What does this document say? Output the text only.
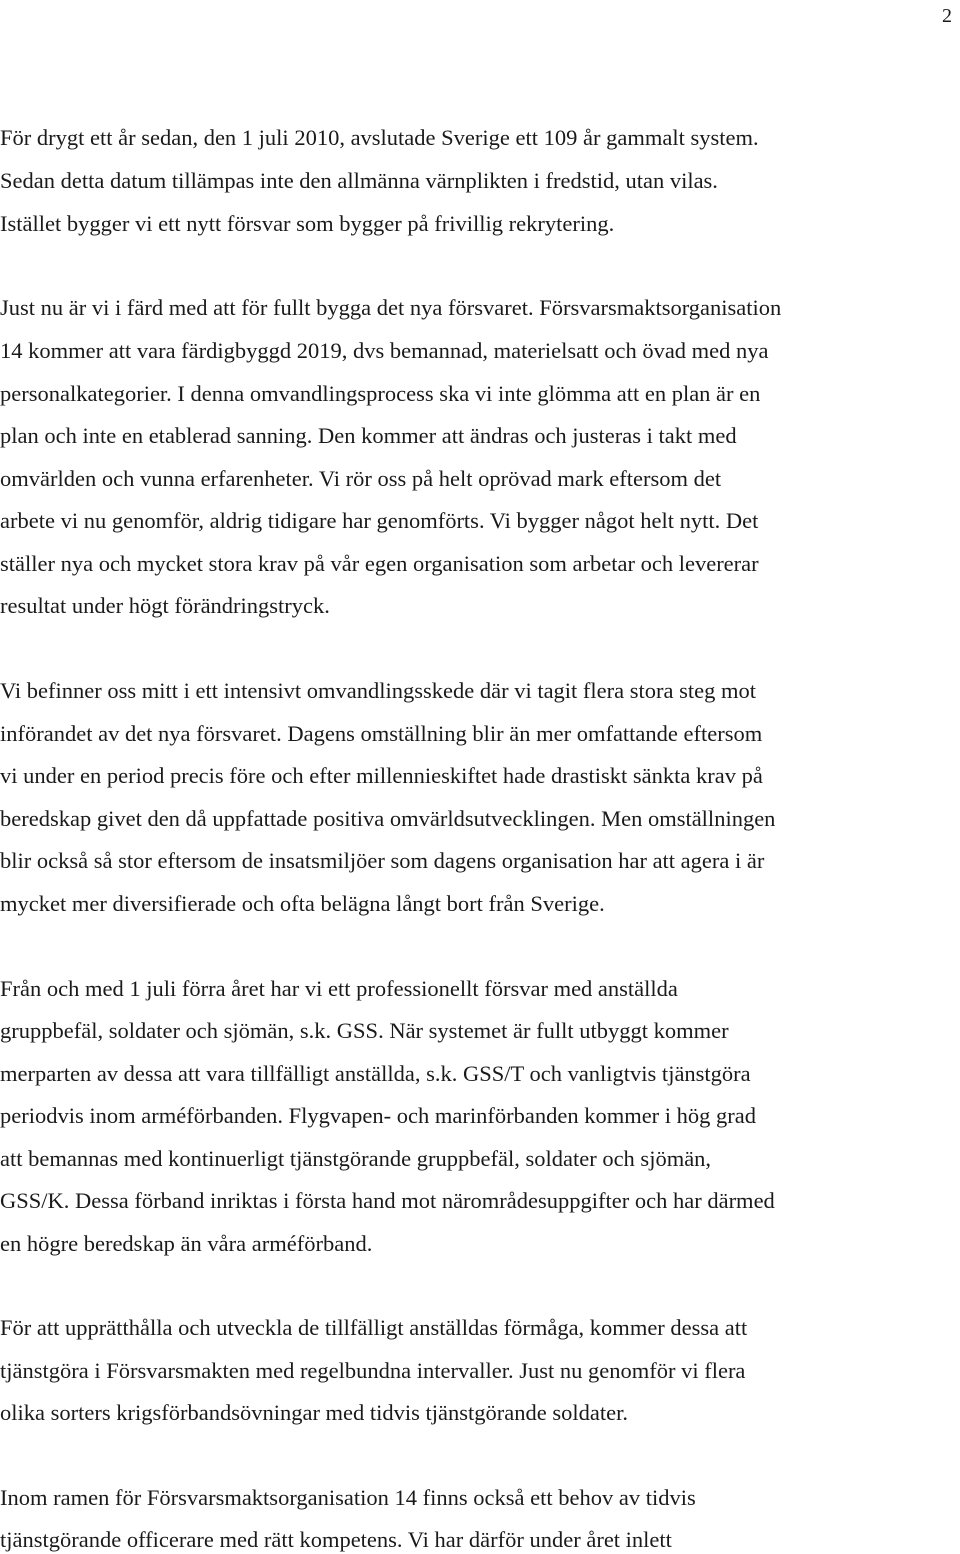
2
För drygt ett år sedan, den 1 juli 2010, avslutade Sverige ett 109 år gammalt system.
Sedan detta datum tillämpas inte den allmänna värnplikten i fredstid, utan vilas.
Istället bygger vi ett nytt försvar som bygger på frivillig rekrytering.
Just nu är vi i färd med att för fullt bygga det nya försvaret. Försvarsmaktsorganisation
14 kommer att vara färdigbyggd 2019, dvs bemannad, materielsatt och övad med nya
personalkategorier. I denna omvandlingsprocess ska vi inte glömma att en plan är en
plan och inte en etablerad sanning. Den kommer att ändras och justeras i takt med
omvärlden och vunna erfarenheter. Vi rör oss på helt oprövad mark eftersom det
arbete vi nu genomför, aldrig tidigare har genomförts. Vi bygger något helt nytt. Det
ställer nya och mycket stora krav på vår egen organisation som arbetar och levererar
resultat under högt förändringstryck.
Vi befinner oss mitt i ett intensivt omvandlingsskede där vi tagit flera stora steg mot
införandet av det nya försvaret. Dagens omställning blir än mer omfattande eftersom
vi under en period precis före och efter millennieskiftet hade drastiskt sänkta krav på
beredskap givet den då uppfattade positiva omvärldsutvecklingen. Men omställningen
blir också så stor eftersom de insatsmiljöer som dagens organisation har att agera i är
mycket mer diversifierade och ofta belägna långt bort från Sverige.
Från och med 1 juli förra året har vi ett professionellt försvar med anställda
gruppbefäl, soldater och sjömän, s.k. GSS. När systemet är fullt utbyggt kommer
merparten av dessa att vara tillfälligt anställda, s.k. GSS/T och vanligtvis tjänstgöra
periodvis inom arméförbanden. Flygvapen- och marinförbanden kommer i hög grad
att bemannas med kontinuerligt tjänstgörande gruppbefäl, soldater och sjömän,
GSS/K. Dessa förband inriktas i första hand mot närområdesuppgifter och har därmed
en högre beredskap än våra arméförband.
För att upprätthålla och utveckla de tillfälligt anställdas förmåga, kommer dessa att
tjänstgöra i Försvarsmakten med regelbundna intervaller. Just nu genomför vi flera
olika sorters krigsförbandsövningar med tidvis tjänstgörande soldater.
Inom ramen för Försvarsmaktsorganisation 14 finns också ett behov av tidvis
tjänstgörande officerare med rätt kompetens. Vi har därför under året inlett
